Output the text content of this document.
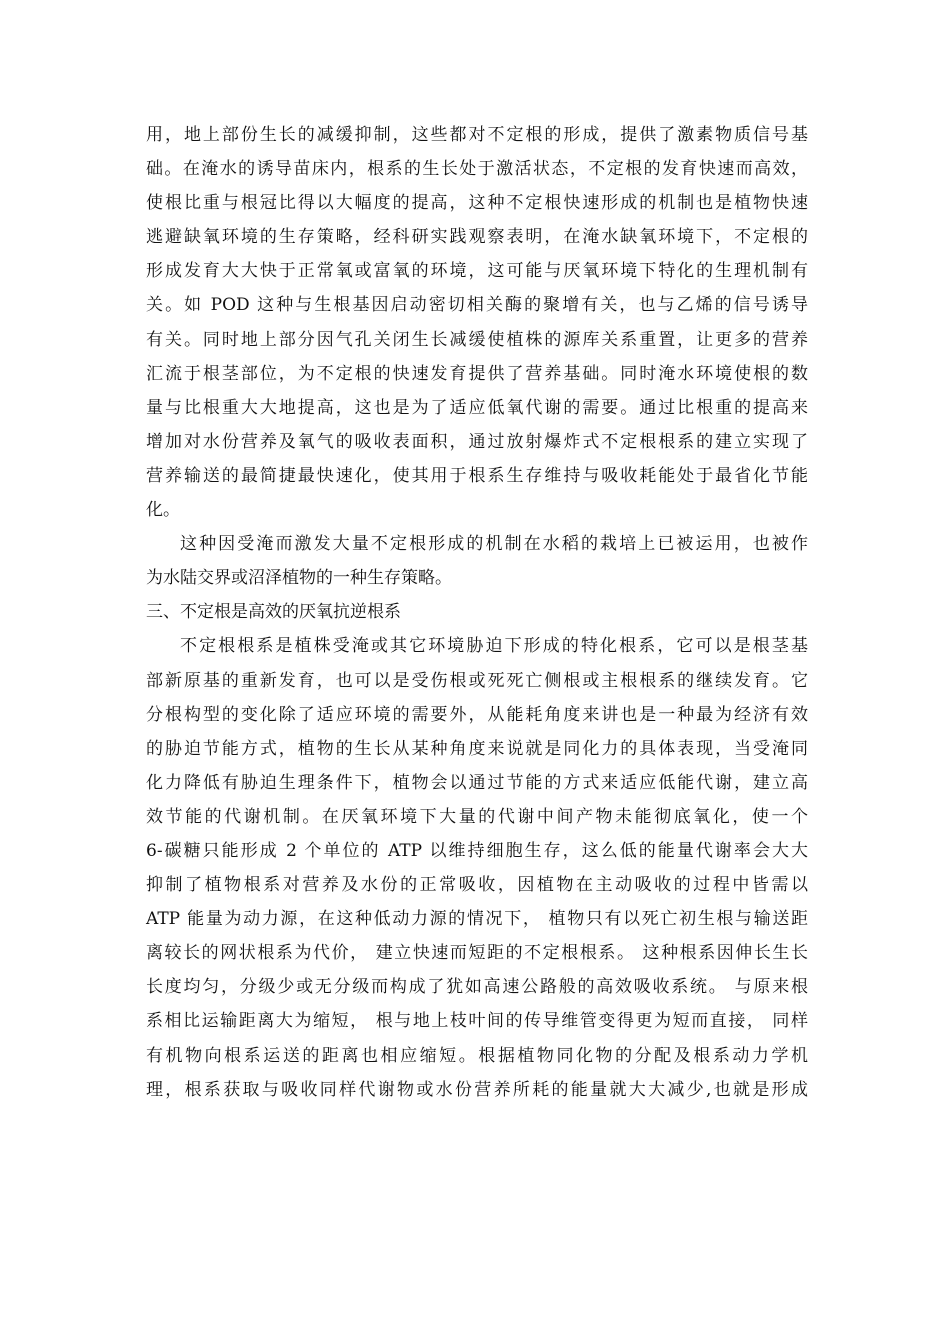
用，地上部份生长的减缓抑制，这些都对不定根的形成，提供了激素物质信号基
础。在淹水的诱导苗床内，根系的生长处于激活状态，不定根的发育快速而高效，
使根比重与根冠比得以大幅度的提高，这种不定根快速形成的机制也是植物快速
逃避缺氧环境的生存策略，经科研实践观察表明，在淹水缺氧环境下，不定根的
形成发育大大快于正常氧或富氧的环境，这可能与厌氧环境下特化的生理机制有
关。如 POD 这种与生根基因启动密切相关酶的聚增有关，也与乙烯的信号诱导
有关。同时地上部分因气孔关闭生长减缓使植株的源库关系重置，让更多的营养
汇流于根茎部位，为不定根的快速发育提供了营养基础。同时淹水环境使根的数
量与比根重大大地提高，这也是为了适应低氧代谢的需要。通过比根重的提高来
增加对水份营养及氧气的吸收表面积，通过放射爆炸式不定根根系的建立实现了
营养输送的最简捷最快速化，使其用于根系生存维持与吸收耗能处于最省化节能
化。
这种因受淹而激发大量不定根形成的机制在水稻的栽培上已被运用，也被作
为水陆交界或沼泽植物的一种生存策略。
三、不定根是高效的厌氧抗逆根系
不定根根系是植株受淹或其它环境胁迫下形成的特化根系，它可以是根茎基
部新原基的重新发育，也可以是受伤根或死死亡侧根或主根根系的继续发育。它
分根构型的变化除了适应环境的需要外，从能耗角度来讲也是一种最为经济有效
的胁迫节能方式，植物的生长从某种角度来说就是同化力的具体表现，当受淹同
化力降低有胁迫生理条件下，植物会以通过节能的方式来适应低能代谢，建立高
效节能的代谢机制。在厌氧环境下大量的代谢中间产物未能彻底氧化，使一个
6-碳糖只能形成 2 个单位的 ATP 以维持细胞生存，这么低的能量代谢率会大大
抑制了植物根系对营养及水份的正常吸收，因植物在主动吸收的过程中皆需以
ATP 能量为动力源，在这种低动力源的情况下， 植物只有以死亡初生根与输送距
离较长的网状根系为代价， 建立快速而短距的不定根根系。 这种根系因伸长生长
长度均匀，分级少或无分级而构成了犹如高速公路般的高效吸收系统。 与原来根
系相比运输距离大为缩短， 根与地上枝叶间的传导维管变得更为短而直接， 同样
有机物向根系运送的距离也相应缩短。根据植物同化物的分配及根系动力学机
理，根系获取与吸收同样代谢物或水份营养所耗的能量就大大减少,也就是形成
